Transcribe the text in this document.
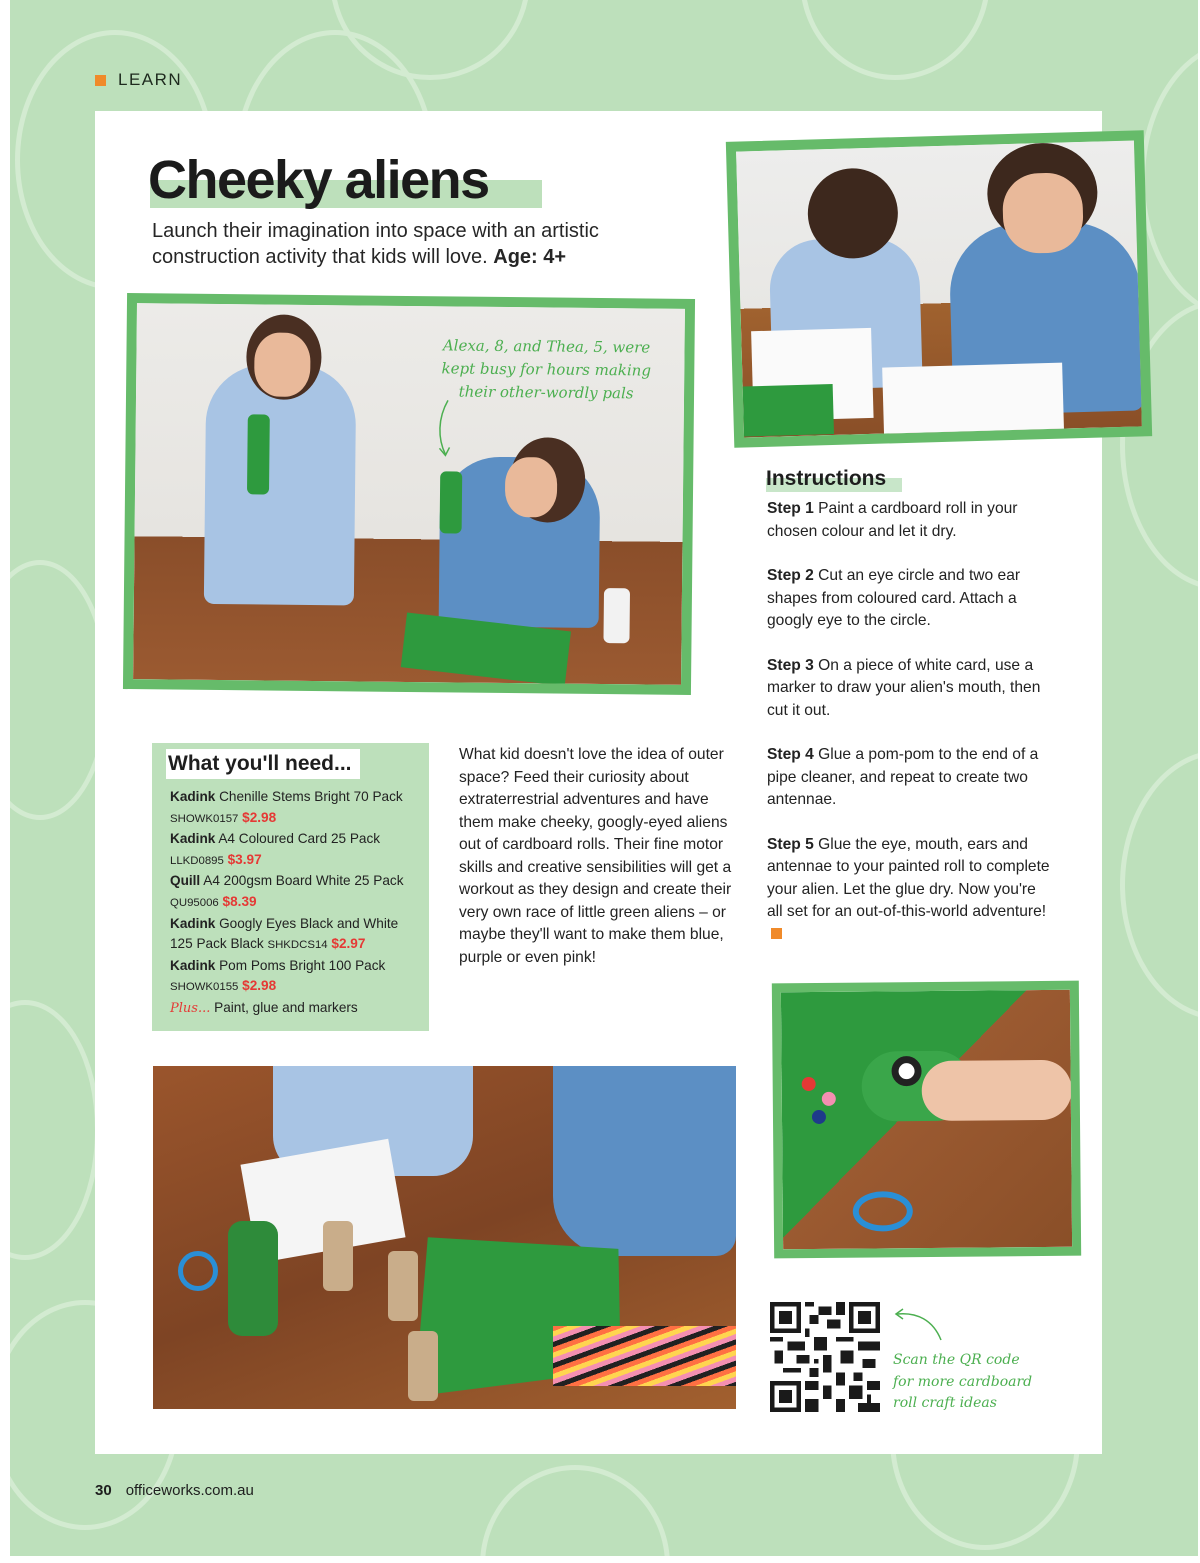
LEARN
Cheeky aliens
Launch their imagination into space with an artistic construction activity that kids will love. Age: 4+
Alexa, 8, and Thea, 5, were
kept busy for hours making
their other-wordly pals
What you'll need...
Kadink Chenille Stems Bright 70 Pack SHOWK0157 $2.98
Kadink A4 Coloured Card 25 Pack LLKD0895 $3.97
Quill A4 200gsm Board White 25 Pack QU95006 $8.39
Kadink Googly Eyes Black and White 125 Pack Black SHKDCS14 $2.97
Kadink Pom Poms Bright 100 Pack SHOWK0155 $2.98
Plus... Paint, glue and markers
What kid doesn't love the idea of outer space? Feed their curiosity about extraterrestrial adventures and have them make cheeky, googly-eyed aliens out of cardboard rolls. Their fine motor skills and creative sensibilities will get a workout as they design and create their very own race of little green aliens – or maybe they'll want to make them blue, purple or even pink!
Instructions
Step 1 Paint a cardboard roll in your chosen colour and let it dry.
Step 2 Cut an eye circle and two ear shapes from coloured card. Attach a googly eye to the circle.
Step 3 On a piece of white card, use a marker to draw your alien's mouth, then cut it out.
Step 4 Glue a pom-pom to the end of a pipe cleaner, and repeat to create two antennae.
Step 5 Glue the eye, mouth, ears and antennae to your painted roll to complete your alien. Let the glue dry. Now you're all set for an out-of-this-world adventure!
Scan the QR code
for more cardboard
roll craft ideas
30 officeworks.com.au
